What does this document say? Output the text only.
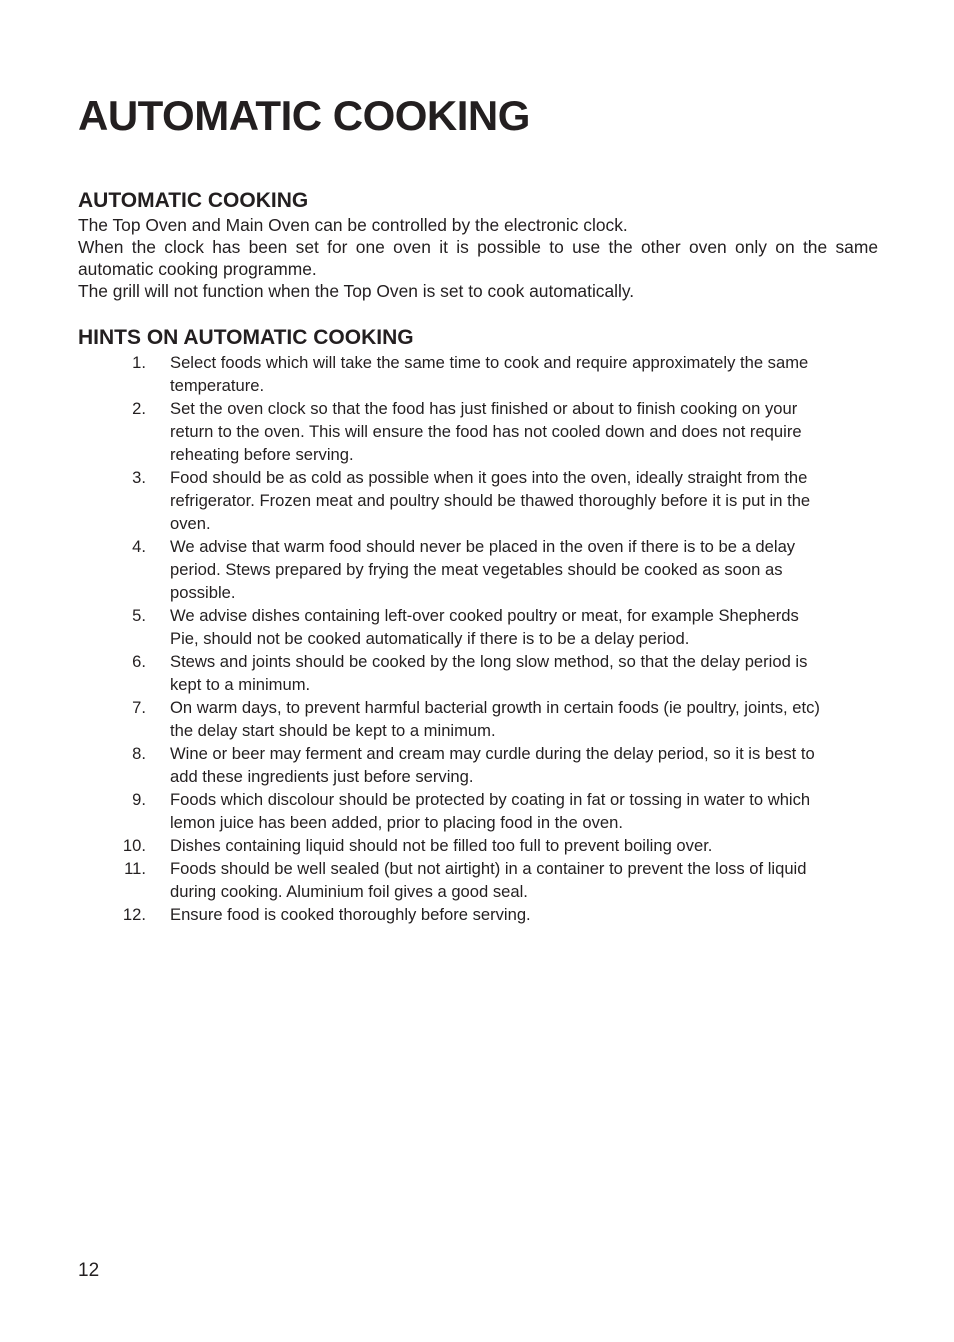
AUTOMATIC COOKING
AUTOMATIC COOKING

The Top Oven and Main Oven can be controlled by the electronic clock.

When the clock has been set for one oven it is possible to use the other oven only on the same automatic cooking programme.

The grill will not function when the Top Oven is set to cook automatically.

HINTS ON AUTOMATIC COOKING
1. Select foods which will take the same time to cook and require approximately the same temperature.
2. Set the oven clock so that the food has just finished or about to finish cooking on your return to the oven. This will ensure the food has not cooled down and does not require reheating before serving.
3. Food should be as cold as possible when it goes into the oven, ideally straight from the refrigerator. Frozen meat and poultry should be thawed thoroughly before it is put in the oven.
4. We advise that warm food should never be placed in the oven if there is to be a delay period. Stews prepared by frying the meat vegetables should be cooked as soon as possible.
5. We advise dishes containing left-over cooked poultry or meat, for example Shepherds Pie, should not be cooked automatically if there is to be a delay period.
6. Stews and joints should be cooked by the long slow method, so that the delay period is kept to a minimum.
7. On warm days, to prevent harmful bacterial growth in certain foods (ie poultry, joints, etc) the delay start should be kept to a minimum.
8. Wine or beer may ferment and cream may curdle during the delay period, so it is best to add these ingredients just before serving.
9. Foods which discolour should be protected by coating in fat or tossing in water to which lemon juice has been added, prior to placing food in the oven.
10. Dishes containing liquid should not be filled too full to prevent boiling over.
11. Foods should be well sealed (but not airtight) in a container to prevent the loss of liquid during cooking. Aluminium foil gives a good seal.
12. Ensure food is cooked thoroughly before serving.
12
